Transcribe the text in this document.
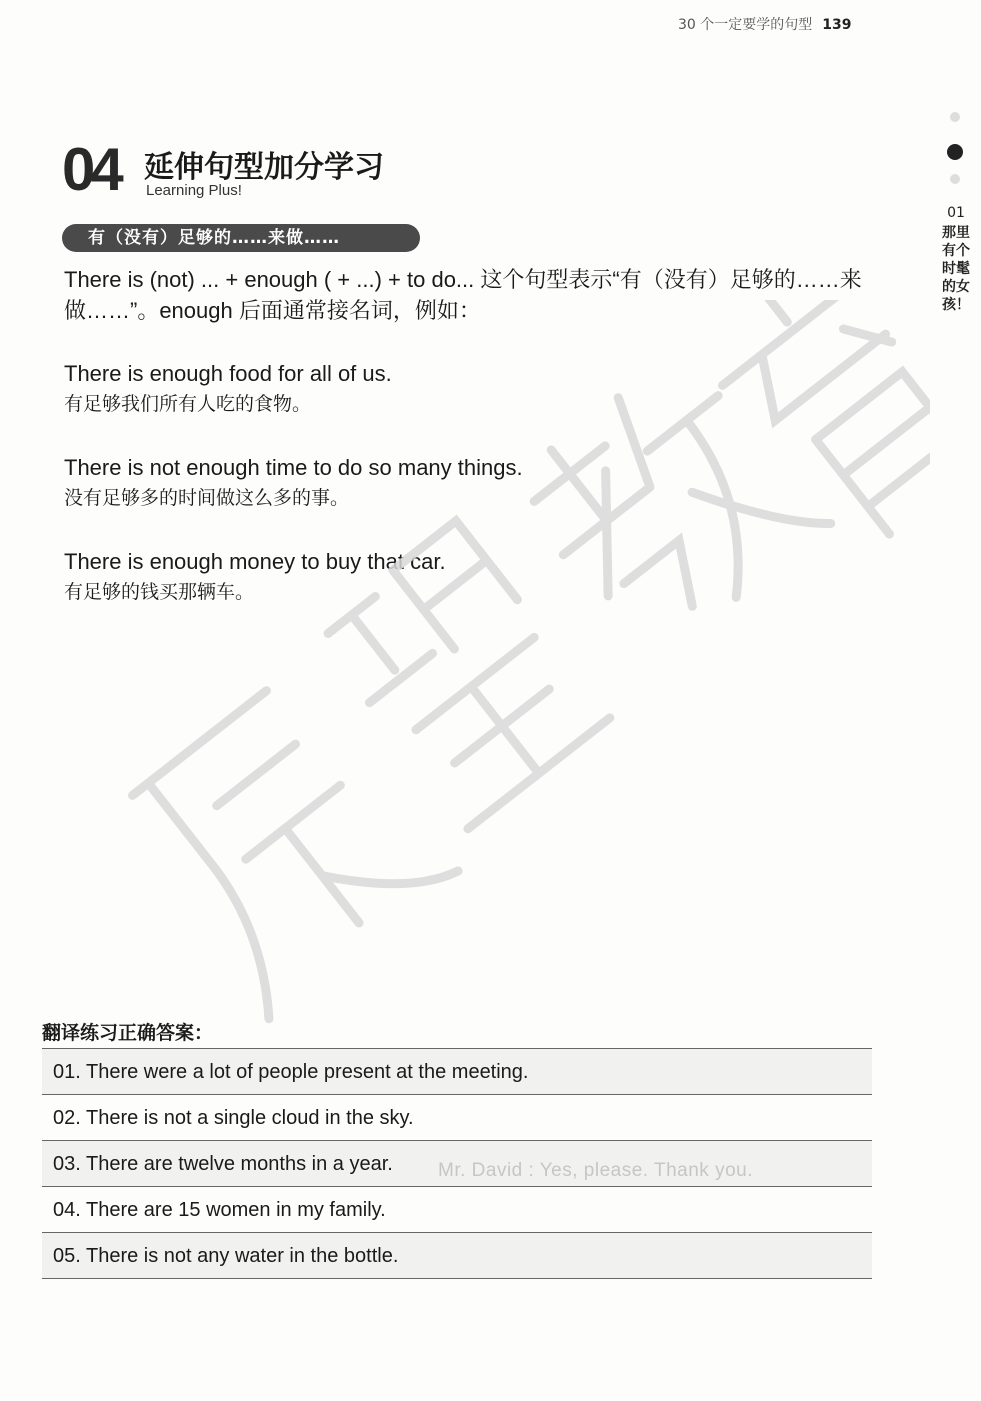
30 个一定要学的句型 139
04 延伸句型加分学习
Learning Plus!
有（没有）足够的……来做……
There is (not) ... + enough ( + ...) + to do... 这个句型表示“有（没有）足够的……来做……”。enough 后面通常接名词，例如：
There is enough food for all of us.
有足够我们所有人吃的食物。
There is not enough time to do so many things.
没有足够多的时间做这么多的事。
There is enough money to buy that car.
有足够的钱买那辆车。
01
那里有个时髦的女孩！
翻译练习正确答案：
01. There were a lot of people present at the meeting.
02. There is not a single cloud in the sky.
03. There are twelve months in a year.
04. There are 15 women in my family.
05. There is not any water in the bottle.
Mr. David : Yes, please. Thank you.
